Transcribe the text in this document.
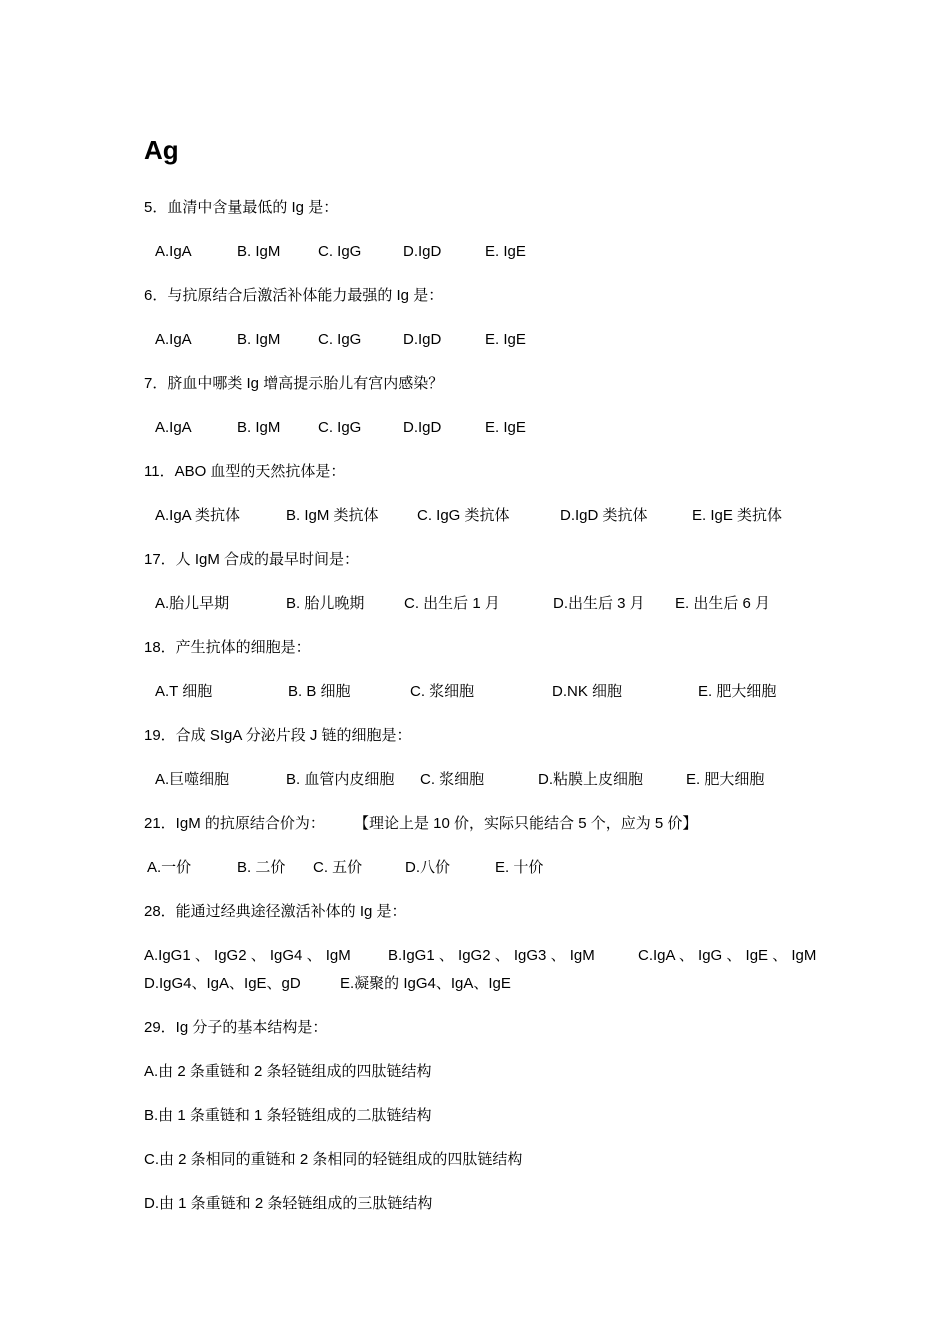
Ag
5．血清中含量最低的 Ig 是：
A.IgA	B. IgM	C. IgG	D.IgD	E. IgE
6．与抗原结合后激活补体能力最强的 Ig 是：
A.IgA	B. IgM	C. IgG	D.IgD	E. IgE
7．脐血中哪类 Ig 增高提示胎儿有宫内感染？
A.IgA	B. IgM	C. IgG	D.IgD	E. IgE
11．ABO 血型的天然抗体是：
A.IgA 类抗体	B. IgM 类抗体	C. IgG 类抗体	D.IgD 类抗体	E. IgE 类抗体
17．人 IgM 合成的最早时间是：
A.胎儿早期	B. 胎儿晚期	C. 出生后 1 月	D.出生后 3 月 E. 出生后 6 月
18．产生抗体的细胞是：
A.T 细胞	B. B 细胞	C. 浆细胞	D.NK 细胞	E. 肥大细胞
19．合成 SIgA 分泌片段 J 链的细胞是：
A.巨噬细胞	B. 血管内皮细胞 C. 浆细胞	D.粘膜上皮细胞	E. 肥大细胞
21．IgM 的抗原结合价为： 【理论上是 10 价，实际只能结合 5 个，应为 5 价】
A.一价	B. 二价 C. 五价	D.八价	E. 十价
28．能通过经典途径激活补体的 Ig 是：
A.IgG1 、 IgG2 、 IgG4 、 IgM B.IgG1 、 IgG2 、 IgG3 、 IgM	C.IgA 、 IgG 、 IgE 、 IgM
D.IgG4、IgA、IgE、gD	E.凝聚的 IgG4、IgA、IgE
29．Ig 分子的基本结构是：
A.由 2 条重链和 2 条轻链组成的四肽链结构
B.由 1 条重链和 1 条轻链组成的二肽链结构
C.由 2 条相同的重链和 2 条相同的轻链组成的四肽链结构
D.由 1 条重链和 2 条轻链组成的三肽链结构
